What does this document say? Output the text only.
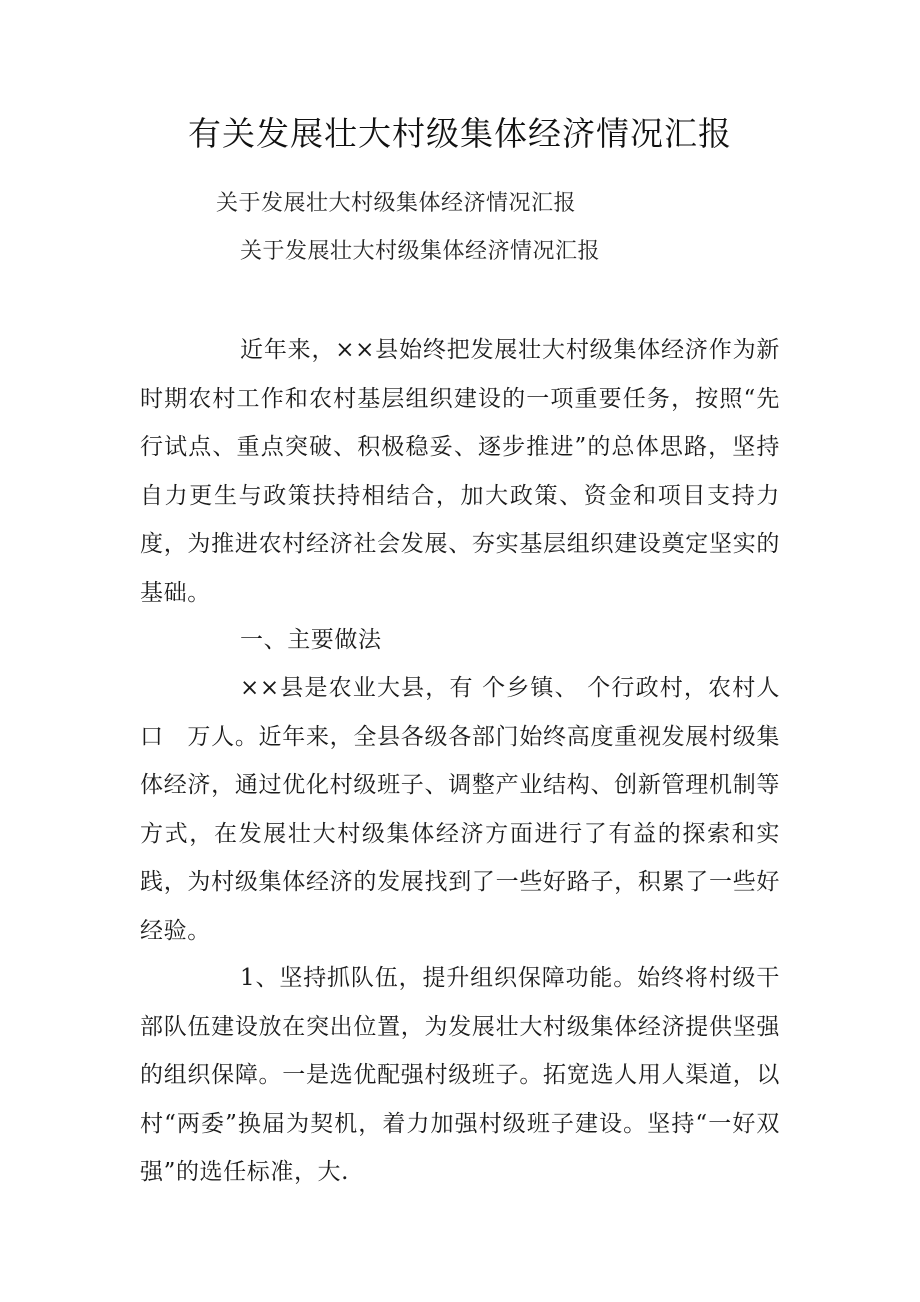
有关发展壮大村级集体经济情况汇报

关于发展壮大村级集体经济情况汇报

关于发展壮大村级集体经济情况汇报

近年来，××县始终把发展壮大村级集体经济作为新时期农村工作和农村基层组织建设的一项重要任务，按照“先行试点、重点突破、积极稳妥、逐步推进”的总体思路，坚持自力更生与政策扶持相结合，加大政策、资金和项目支持力度，为推进农村经济社会发展、夯实基层组织建设奠定坚实的基础。

一、主要做法

××县是农业大县，有 个乡镇、 个行政村，农村人口　万人。近年来，全县各级各部门始终高度重视发展村级集体经济，通过优化村级班子、调整产业结构、创新管理机制等方式，在发展壮大村级集体经济方面进行了有益的探索和实践，为村级集体经济的发展找到了一些好路子，积累了一些好经验。

1、坚持抓队伍，提升组织保障功能。始终将村级干部队伍建设放在突出位置，为发展壮大村级集体经济提供坚强的组织保障。一是选优配强村级班子。拓宽选人用人渠道，以村“两委”换届为契机，着力加强村级班子建设。坚持“一好双强”的选任标准，大.
